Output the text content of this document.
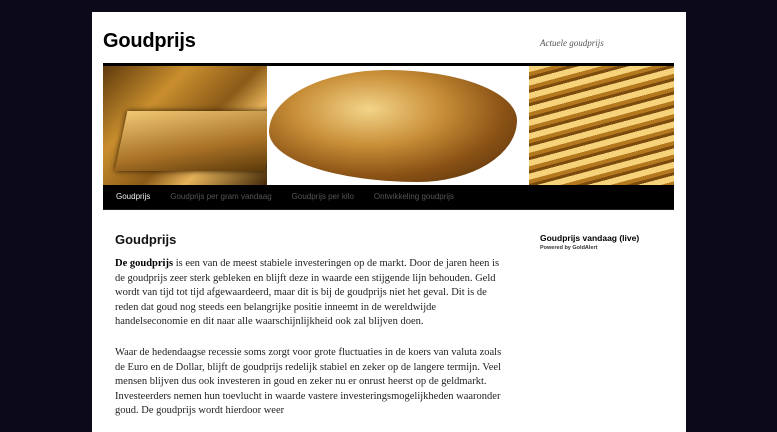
Goudprijs	Actuele goudprijs
Goudprijs	Goudprijs per gram vandaag	Goudprijs per kilo	Ontwikkeling goudprijs
Goudprijs

De goudprijs is een van de meest stabiele investeringen op de markt. Door de jaren heen is de goudprijs zeer sterk gebleken en blijft deze in waarde een stijgende lijn behouden. Geld wordt van tijd tot tijd afgewaardeerd, maar dit is bij de goudprijs niet het geval. Dit is de reden dat goud nog steeds een belangrijke positie inneemt in de wereldwijde handelseconomie en dit naar alle waarschijnlijkheid ook zal blijven doen.

Waar de hedendaagse recessie soms zorgt voor grote fluctuaties in de koers van valuta zoals de Euro en de Dollar, blijft de goudprijs redelijk stabiel en zeker op de langere termijn. Veel mensen blijven dus ook investeren in goud en zeker nu er onrust heerst op de geldmarkt. Investeerders nemen hun toevlucht in waarde vastere investeringsmogelijkheden waaronder goud. De goudprijs wordt hierdoor weer

Goudprijs vandaag (live)
Powered by GoldAlert
